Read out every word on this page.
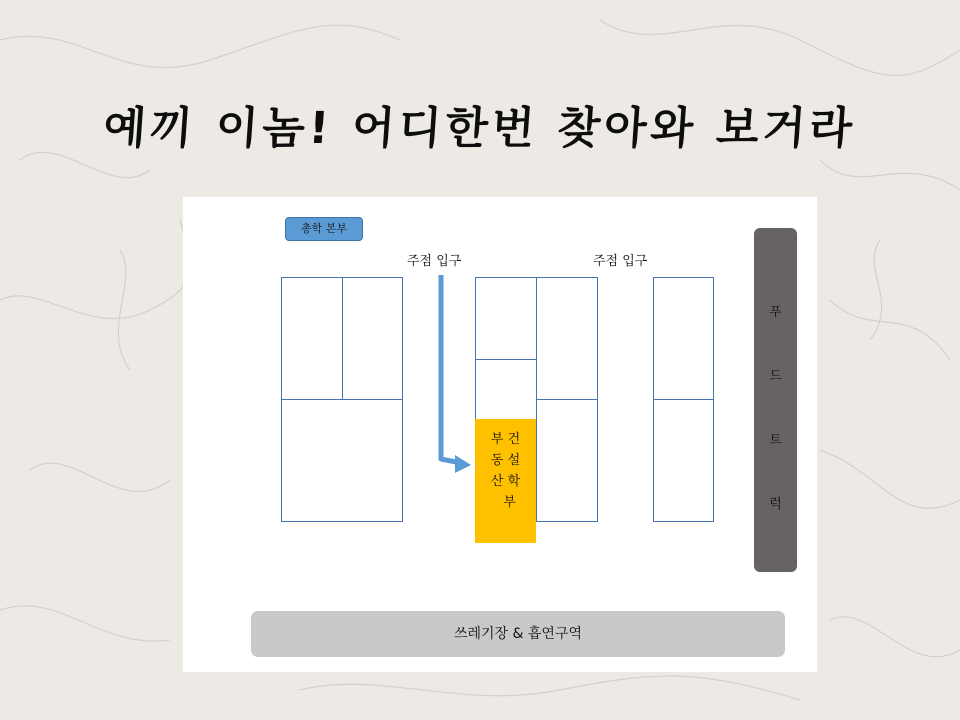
예끼 이놈! 어디한번 찾아와 보거라
총학 본부
주점 입구	주점 입구
부 건
동 설
산 학
부
푸
드
트
럭
쓰레기장 & 흡연구역
